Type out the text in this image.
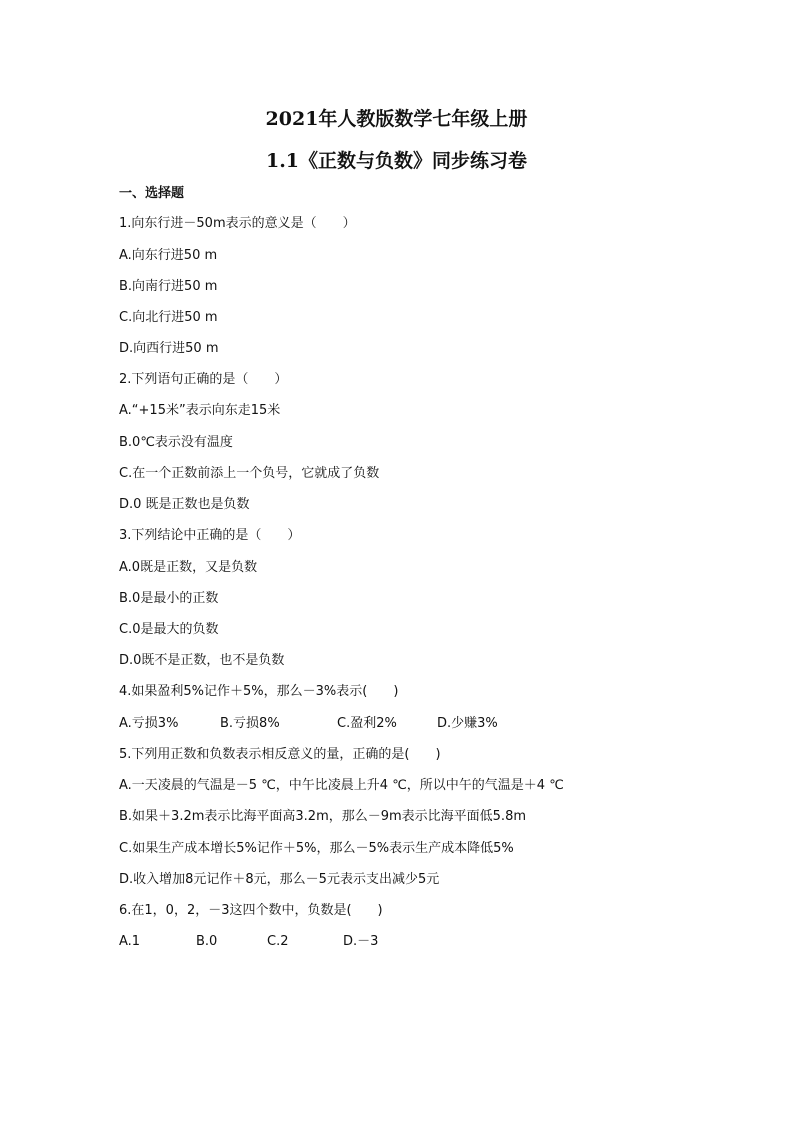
2021年人教版数学七年级上册
1.1《正数与负数》同步练习卷
一、选择题
1.向东行进－50m表示的意义是（　　）
A.向东行进50 m
B.向南行进50 m
C.向北行进50 m
D.向西行进50 m
2.下列语句正确的是（　　）
A.“+15米”表示向东走15米
B.0℃表示没有温度
C.在一个正数前添上一个负号，它就成了负数
D.0 既是正数也是负数
3.下列结论中正确的是（　　）
A.0既是正数，又是负数
B.0是最小的正数
C.0是最大的负数
D.0既不是正数，也不是负数
4.如果盈利5%记作＋5%，那么－3%表示(　　)
A.亏损3%	B.亏损8%	C.盈利2%	D.少赚3%
5.下列用正数和负数表示相反意义的量，正确的是(　　)
A.一天凌晨的气温是－5 ℃，中午比凌晨上升4 ℃，所以中午的气温是＋4 ℃
B.如果＋3.2m表示比海平面高3.2m，那么－9m表示比海平面低5.8m
C.如果生产成本增长5%记作＋5%，那么－5%表示生产成本降低5%
D.收入增加8元记作＋8元，那么－5元表示支出减少5元
6.在1，0，2，－3这四个数中，负数是(　　)
A.1	B.0	C.2	D.－3
